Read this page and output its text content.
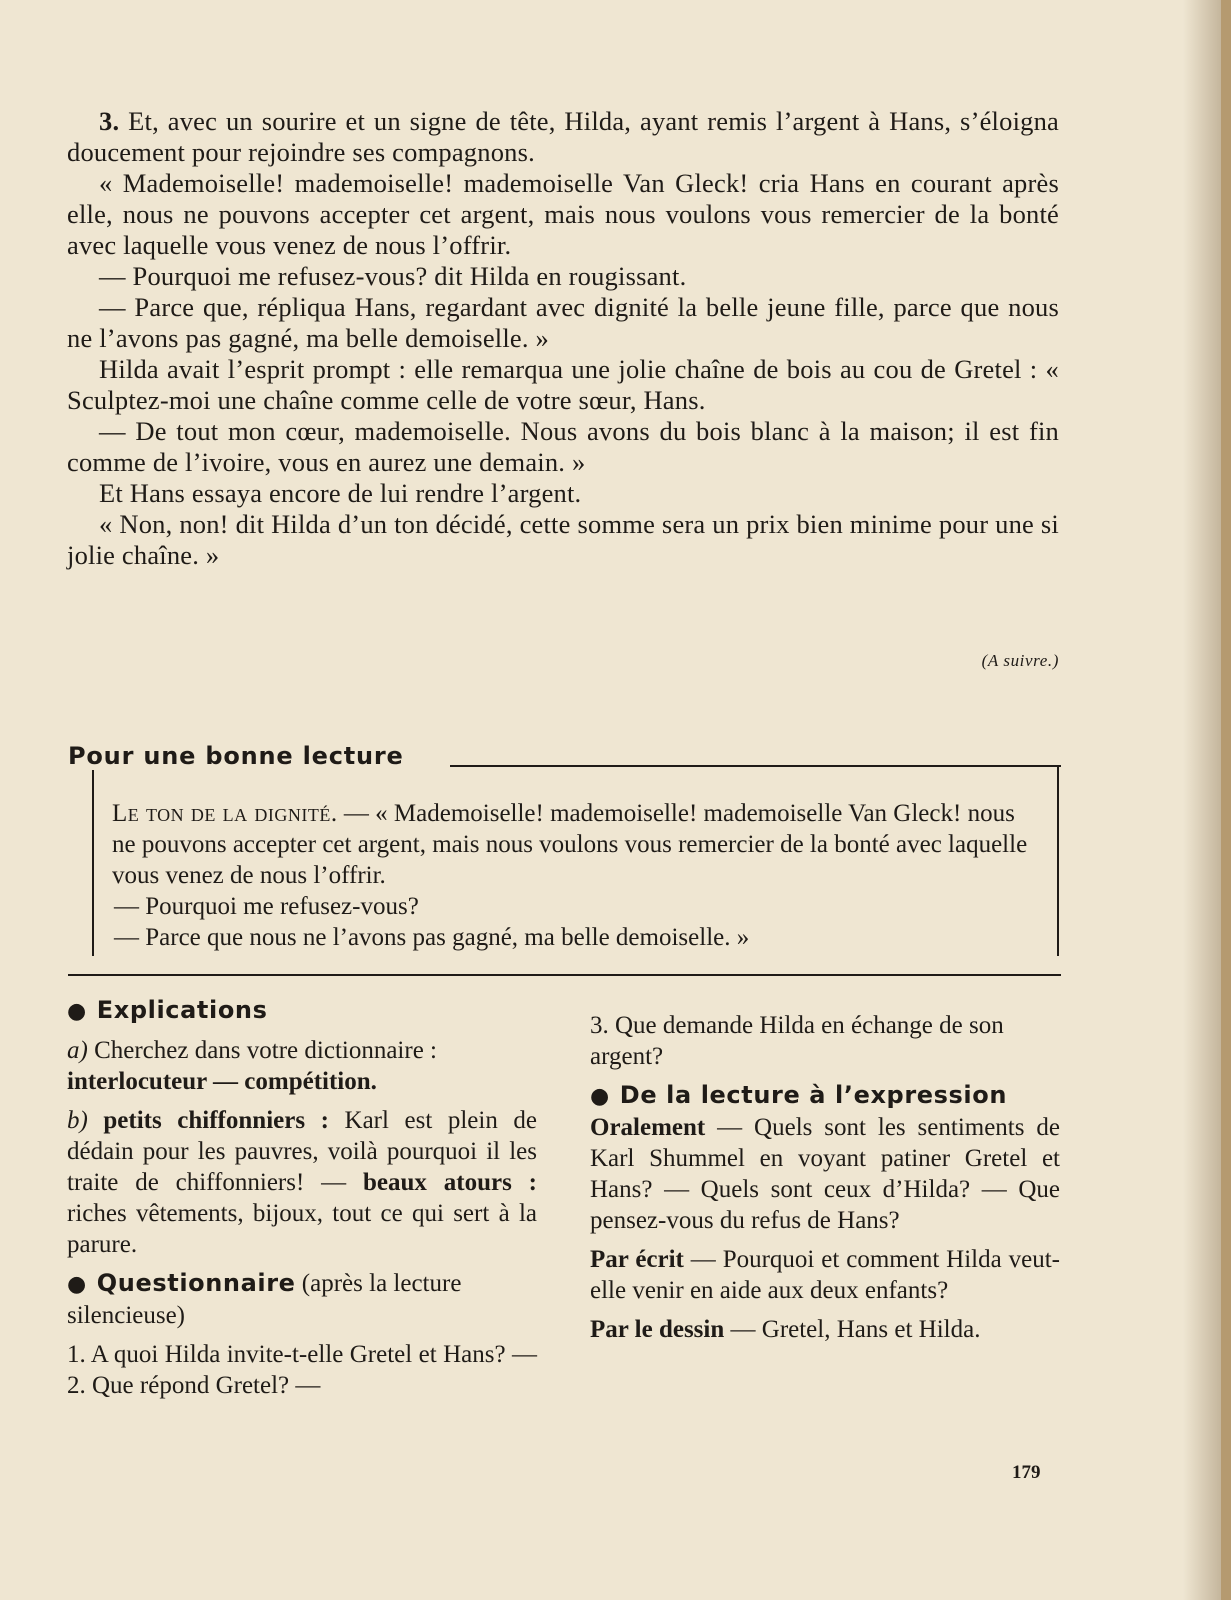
3. Et, avec un sourire et un signe de tête, Hilda, ayant remis l’argent à Hans, s’éloigna doucement pour rejoindre ses compagnons.

« Mademoiselle! mademoiselle! mademoiselle Van Gleck! cria Hans en courant après elle, nous ne pouvons accepter cet argent, mais nous voulons vous remercier de la bonté avec laquelle vous venez de nous l’offrir.

— Pourquoi me refusez-vous? dit Hilda en rougissant.

— Parce que, répliqua Hans, regardant avec dignité la belle jeune fille, parce que nous ne l’avons pas gagné, ma belle demoiselle. »

Hilda avait l’esprit prompt : elle remarqua une jolie chaîne de bois au cou de Gretel : « Sculptez-moi une chaîne comme celle de votre sœur, Hans.

— De tout mon cœur, mademoiselle. Nous avons du bois blanc à la maison; il est fin comme de l’ivoire, vous en aurez une demain. »

Et Hans essaya encore de lui rendre l’argent.

« Non, non! dit Hilda d’un ton décidé, cette somme sera un prix bien minime pour une si jolie chaîne. »

(A suivre.)
Pour une bonne lecture

Le ton de la dignité. — « Mademoiselle! mademoiselle! mademoiselle Van Gleck! nous ne pouvons accepter cet argent, mais nous voulons vous remercier de la bonté avec laquelle vous venez de nous l’offrir.

— Pourquoi me refusez-vous?

— Parce que nous ne l’avons pas gagné, ma belle demoiselle. »

● Explications

a) Cherchez dans votre dictionnaire :

interlocuteur — compétition.

b) petits chiffonniers : Karl est plein de dédain pour les pauvres, voilà pourquoi il les traite de chiffonniers! — beaux atours : riches vêtements, bijoux, tout ce qui sert à la parure.

● Questionnaire (après la lecture silencieuse)

1. A quoi Hilda invite-t-elle Gretel et Hans? — 2. Que répond Gretel? —

3. Que demande Hilda en échange de son argent?

● De la lecture à l’expression

Oralement — Quels sont les sentiments de Karl Shummel en voyant patiner Gretel et Hans? — Quels sont ceux d’Hilda? — Que pensez-vous du refus de Hans?

Par écrit — Pourquoi et comment Hilda veut-elle venir en aide aux deux enfants?

Par le dessin — Gretel, Hans et Hilda.

179
